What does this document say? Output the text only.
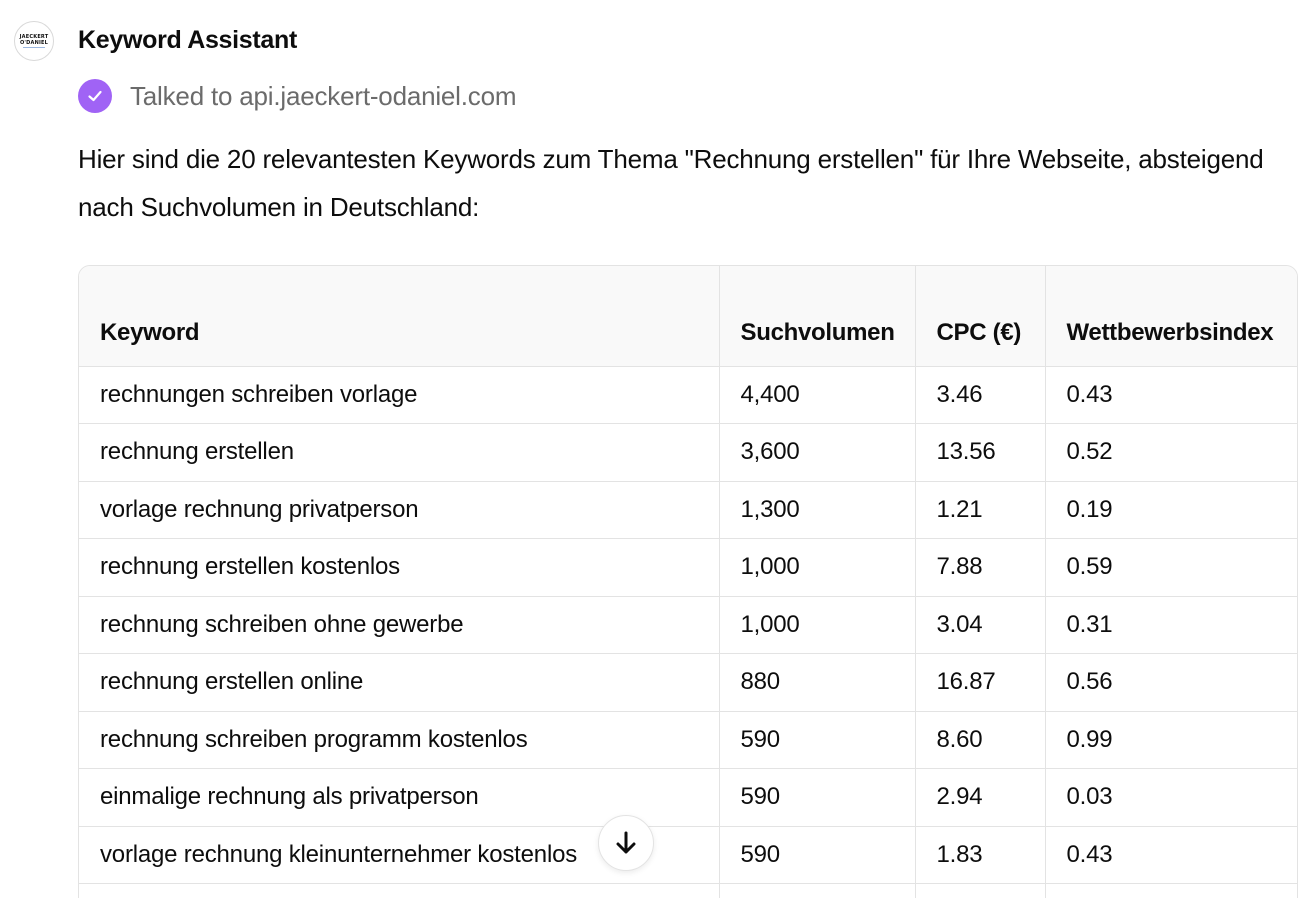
JAECKERT
O'DANIEL Keyword Assistant
Talked to api.jaeckert-odaniel.com

Hier sind die 20 relevantesten Keywords zum Thema "Rechnung erstellen" für Ihre Webseite, absteigend nach Suchvolumen in Deutschland:

Keyword	Suchvolumen	CPC (€)	Wettbewerbsindex
rechnungen schreiben vorlage	4,400	3.46	0.43
rechnung erstellen	3,600	13.56	0.52
vorlage rechnung privatperson	1,300	1.21	0.19
rechnung erstellen kostenlos	1,000	7.88	0.59
rechnung schreiben ohne gewerbe	1,000	3.04	0.31
rechnung erstellen online	880	16.87	0.56
rechnung schreiben programm kostenlos	590	8.60	0.99
einmalige rechnung als privatperson	590	2.94	0.03
vorlage rechnung kleinunternehmer kostenlos	590	1.83	0.43
